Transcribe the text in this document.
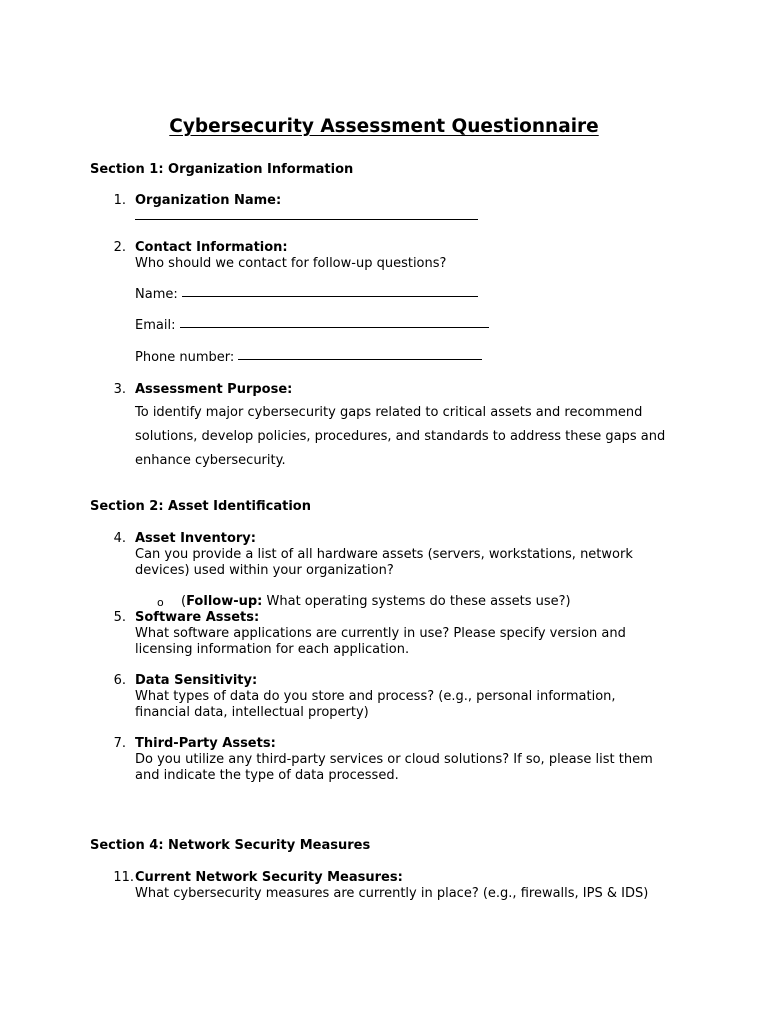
Cybersecurity Assessment Questionnaire
Section 1: Organization Information
1. Organization Name:
2. Contact Information:
Who should we contact for follow-up questions?
Name:
Email:
Phone number:
3. Assessment Purpose:
To identify major cybersecurity gaps related to critical assets and recommend
solutions, develop policies, procedures, and standards to address these gaps and
enhance cybersecurity.
Section 2: Asset Identification
4. Asset Inventory:
Can you provide a list of all hardware assets (servers, workstations, network
devices) used within your organization?
o (Follow-up: What operating systems do these assets use?)
5. Software Assets:
What software applications are currently in use? Please specify version and
licensing information for each application.
6. Data Sensitivity:
What types of data do you store and process? (e.g., personal information,
financial data, intellectual property)
7. Third-Party Assets:
Do you utilize any third-party services or cloud solutions? If so, please list them
and indicate the type of data processed.
Section 4: Network Security Measures
11. Current Network Security Measures:
What cybersecurity measures are currently in place? (e.g., firewalls, IPS & IDS)
